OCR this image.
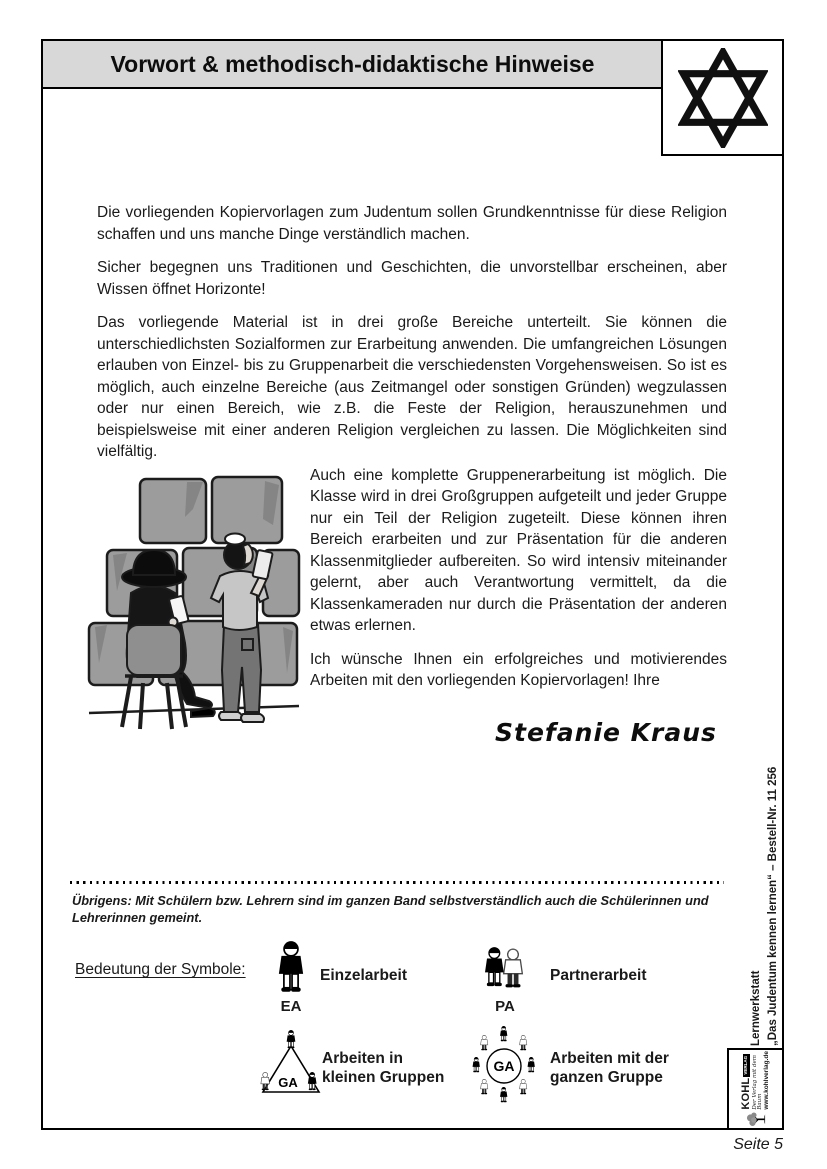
Vorwort & methodisch-didaktische Hinweise

Die vorliegenden Kopiervorlagen zum Judentum sollen Grundkenntnisse für diese Religion schaffen und uns manche Dinge verständlich machen.

Sicher begegnen uns Traditionen und Geschichten, die unvorstellbar erscheinen, aber Wissen öffnet Horizonte!

Das vorliegende Material ist in drei große Bereiche unterteilt. Sie können die unterschiedlichsten Sozialformen zur Erarbeitung anwenden. Die umfangreichen Lösungen erlauben von Einzel- bis zu Gruppenarbeit die verschiedensten Vorgehensweisen. So ist es möglich, auch einzelne Bereiche (aus Zeitmangel oder sonstigen Gründen) wegzulassen oder nur einen Bereich, wie z.B. die Feste der Religion, herauszunehmen und beispielsweise mit einer anderen Religion vergleichen zu lassen. Die Möglichkeiten sind vielfältig.

Auch eine komplette Gruppenerarbeitung ist möglich. Die Klasse wird in drei Großgruppen aufgeteilt und jeder Gruppe nur ein Teil der Religion zugeteilt. Diese können ihren Bereich erarbeiten und zur Präsentation für die anderen Klassenmitglieder aufbereiten. So wird intensiv miteinander gelernt, aber auch Verantwortung vermittelt, da die Klassenkameraden nur durch die Präsentation der anderen etwas erlernen.

Ich wünsche Ihnen ein erfolgreiches und motivierendes Arbeiten mit den vorliegenden Kopiervorlagen! Ihre

Stefanie Kraus
Übrigens: Mit Schülern bzw. Lehrern sind im ganzen Band selbstverständlich auch die Schülerinnen und Lehrerinnen gemeint.
Bedeutung der Symbole:
EA
Einzelarbeit
PA
Partnerarbeit
GA
Arbeiten in
kleinen Gruppen
GA Arbeiten mit der
ganzen Gruppe
Lernwerkstatt „Das Judentum kennen lernen“ – Bestell-Nr. 11 256
KOHL
VERLAG Der Verlag mit dem Baum www.kohlverlag.de
Seite 5
